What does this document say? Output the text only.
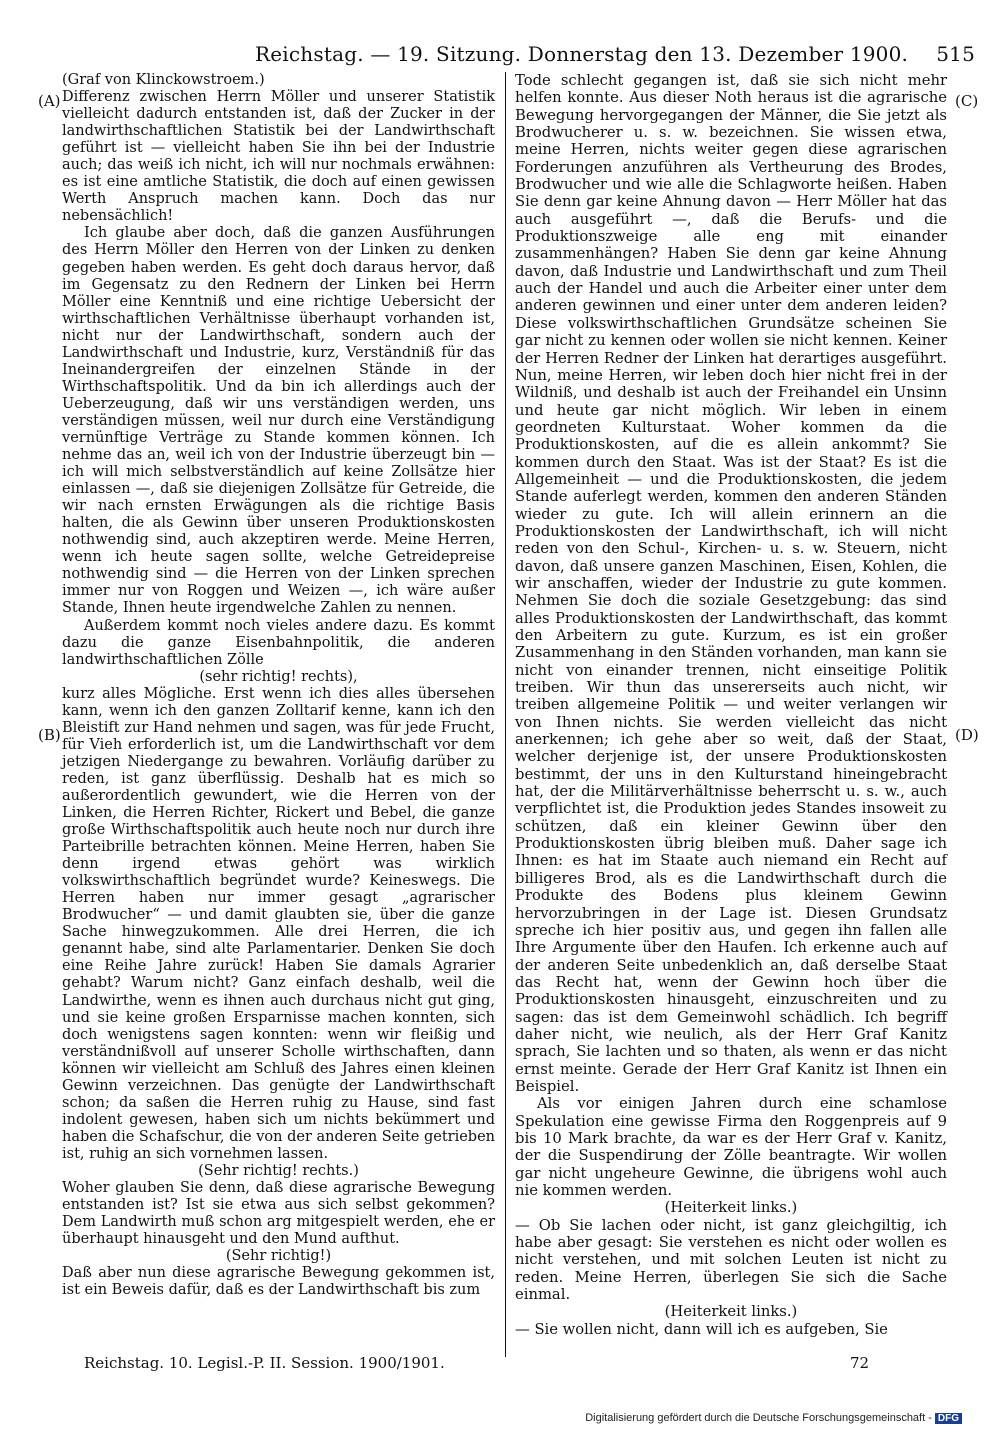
Reichstag. — 19. Sitzung. Donnerstag den 13. Dezember 1900. 515
(A)
(B)
(C)
(D)

(Graf von Klinckowstroem.)

Differenz zwischen Herrn Möller und unserer Statistik vielleicht dadurch entstanden ist, daß der Zucker in der landwirthschaftlichen Statistik bei der Landwirthschaft geführt ist — vielleicht haben Sie ihn bei der Industrie auch; das weiß ich nicht, ich will nur nochmals erwähnen: es ist eine amtliche Statistik, die doch auf einen gewissen Werth Anspruch machen kann. Doch das nur nebensächlich!

Ich glaube aber doch, daß die ganzen Ausführungen des Herrn Möller den Herren von der Linken zu denken gegeben haben werden. Es geht doch daraus hervor, daß im Gegensatz zu den Rednern der Linken bei Herrn Möller eine Kenntniß und eine richtige Uebersicht der wirthschaftlichen Verhältnisse überhaupt vorhanden ist, nicht nur der Landwirthschaft, sondern auch der Landwirthschaft und Industrie, kurz, Verständniß für das Ineinandergreifen der einzelnen Stände in der Wirthschaftspolitik. Und da bin ich allerdings auch der Ueberzeugung, daß wir uns verständigen werden, uns verständigen müssen, weil nur durch eine Verständigung vernünftige Verträge zu Stande kommen können. Ich nehme das an, weil ich von der Industrie überzeugt bin — ich will mich selbstverständlich auf keine Zollsätze hier einlassen —, daß sie diejenigen Zollsätze für Getreide, die wir nach ernsten Erwägungen als die richtige Basis halten, die als Gewinn über unseren Produktionskosten nothwendig sind, auch akzeptiren werde. Meine Herren, wenn ich heute sagen sollte, welche Getreidepreise nothwendig sind — die Herren von der Linken sprechen immer nur von Roggen und Weizen —, ich wäre außer Stande, Ihnen heute irgendwelche Zahlen zu nennen.

Außerdem kommt noch vieles andere dazu. Es kommt dazu die ganze Eisenbahnpolitik, die anderen landwirthschaftlichen Zölle

(sehr richtig! rechts),

kurz alles Mögliche. Erst wenn ich dies alles übersehen kann, wenn ich den ganzen Zolltarif kenne, kann ich den Bleistift zur Hand nehmen und sagen, was für jede Frucht, für Vieh erforderlich ist, um die Landwirthschaft vor dem jetzigen Niedergange zu bewahren. Vorläufig darüber zu reden, ist ganz überflüssig. Deshalb hat es mich so außerordentlich gewundert, wie die Herren von der Linken, die Herren Richter, Rickert und Bebel, die ganze große Wirthschaftspolitik auch heute noch nur durch ihre Parteibrille betrachten können. Meine Herren, haben Sie denn irgend etwas gehört was wirklich volkswirthschaftlich begründet wurde? Keineswegs. Die Herren haben nur immer gesagt „agrarischer Brodwucher“ — und damit glaubten sie, über die ganze Sache hinwegzukommen. Alle drei Herren, die ich genannt habe, sind alte Parlamentarier. Denken Sie doch eine Reihe Jahre zurück! Haben Sie damals Agrarier gehabt? Warum nicht? Ganz einfach deshalb, weil die Landwirthe, wenn es ihnen auch durchaus nicht gut ging, und sie keine großen Ersparnisse machen konnten, sich doch wenigstens sagen konnten: wenn wir fleißig und verständnißvoll auf unserer Scholle wirthschaften, dann können wir vielleicht am Schluß des Jahres einen kleinen Gewinn verzeichnen. Das genügte der Landwirthschaft schon; da saßen die Herren ruhig zu Hause, sind fast indolent gewesen, haben sich um nichts bekümmert und haben die Schafschur, die von der anderen Seite getrieben ist, ruhig an sich vornehmen lassen.

(Sehr richtig! rechts.)

Woher glauben Sie denn, daß diese agrarische Bewegung entstanden ist? Ist sie etwa aus sich selbst gekommen? Dem Landwirth muß schon arg mitgespielt werden, ehe er überhaupt hinausgeht und den Mund aufthut.

(Sehr richtig!)

Daß aber nun diese agrarische Bewegung gekommen ist, ist ein Beweis dafür, daß es der Landwirthschaft bis zum

Tode schlecht gegangen ist, daß sie sich nicht mehr helfen konnte. Aus dieser Noth heraus ist die agrarische Bewegung hervorgegangen der Männer, die Sie jetzt als Brodwucherer u. s. w. bezeichnen. Sie wissen etwa, meine Herren, nichts weiter gegen diese agrarischen Forderungen anzuführen als Vertheurung des Brodes, Brodwucher und wie alle die Schlagworte heißen. Haben Sie denn gar keine Ahnung davon — Herr Möller hat das auch ausgeführt —, daß die Berufs- und die Produktionszweige alle eng mit einander zusammenhängen? Haben Sie denn gar keine Ahnung davon, daß Industrie und Landwirthschaft und zum Theil auch der Handel und auch die Arbeiter einer unter dem anderen gewinnen und einer unter dem anderen leiden? Diese volkswirthschaftlichen Grundsätze scheinen Sie gar nicht zu kennen oder wollen sie nicht kennen. Keiner der Herren Redner der Linken hat derartiges ausgeführt. Nun, meine Herren, wir leben doch hier nicht frei in der Wildniß, und deshalb ist auch der Freihandel ein Unsinn und heute gar nicht möglich. Wir leben in einem geordneten Kulturstaat. Woher kommen da die Produktionskosten, auf die es allein ankommt? Sie kommen durch den Staat. Was ist der Staat? Es ist die Allgemeinheit — und die Produktionskosten, die jedem Stande auferlegt werden, kommen den anderen Ständen wieder zu gute. Ich will allein erinnern an die Produktionskosten der Landwirthschaft, ich will nicht reden von den Schul-, Kirchen- u. s. w. Steuern, nicht davon, daß unsere ganzen Maschinen, Eisen, Kohlen, die wir anschaffen, wieder der Industrie zu gute kommen. Nehmen Sie doch die soziale Gesetzgebung: das sind alles Produktionskosten der Landwirthschaft, das kommt den Arbeitern zu gute. Kurzum, es ist ein großer Zusammenhang in den Ständen vorhanden, man kann sie nicht von einander trennen, nicht einseitige Politik treiben. Wir thun das unsererseits auch nicht, wir treiben allgemeine Politik — und weiter verlangen wir von Ihnen nichts. Sie werden vielleicht das nicht anerkennen; ich gehe aber so weit, daß der Staat, welcher derjenige ist, der unsere Produktionskosten bestimmt, der uns in den Kulturstand hineingebracht hat, der die Militärverhältnisse beherrscht u. s. w., auch verpflichtet ist, die Produktion jedes Standes insoweit zu schützen, daß ein kleiner Gewinn über den Produktionskosten übrig bleiben muß. Daher sage ich Ihnen: es hat im Staate auch niemand ein Recht auf billigeres Brod, als es die Landwirthschaft durch die Produkte des Bodens plus kleinem Gewinn hervorzubringen in der Lage ist. Diesen Grundsatz spreche ich hier positiv aus, und gegen ihn fallen alle Ihre Argumente über den Haufen. Ich erkenne auch auf der anderen Seite unbedenklich an, daß derselbe Staat das Recht hat, wenn der Gewinn hoch über die Produktionskosten hinausgeht, einzuschreiten und zu sagen: das ist dem Gemeinwohl schädlich. Ich begriff daher nicht, wie neulich, als der Herr Graf Kanitz sprach, Sie lachten und so thaten, als wenn er das nicht ernst meinte. Gerade der Herr Graf Kanitz ist Ihnen ein Beispiel.

Als vor einigen Jahren durch eine schamlose Spekulation eine gewisse Firma den Roggenpreis auf 9 bis 10 Mark brachte, da war es der Herr Graf v. Kanitz, der die Suspendirung der Zölle beantragte. Wir wollen gar nicht ungeheure Gewinne, die übrigens wohl auch nie kommen werden.

(Heiterkeit links.)

— Ob Sie lachen oder nicht, ist ganz gleichgiltig, ich habe aber gesagt: Sie verstehen es nicht oder wollen es nicht verstehen, und mit solchen Leuten ist nicht zu reden. Meine Herren, überlegen Sie sich die Sache einmal.

(Heiterkeit links.)

— Sie wollen nicht, dann will ich es aufgeben, Sie

Reichstag. 10. Legisl.-P. II. Session. 1900/1901.	72
Digitalisierung gefördert durch die Deutsche Forschungsgemeinschaft - DFG
